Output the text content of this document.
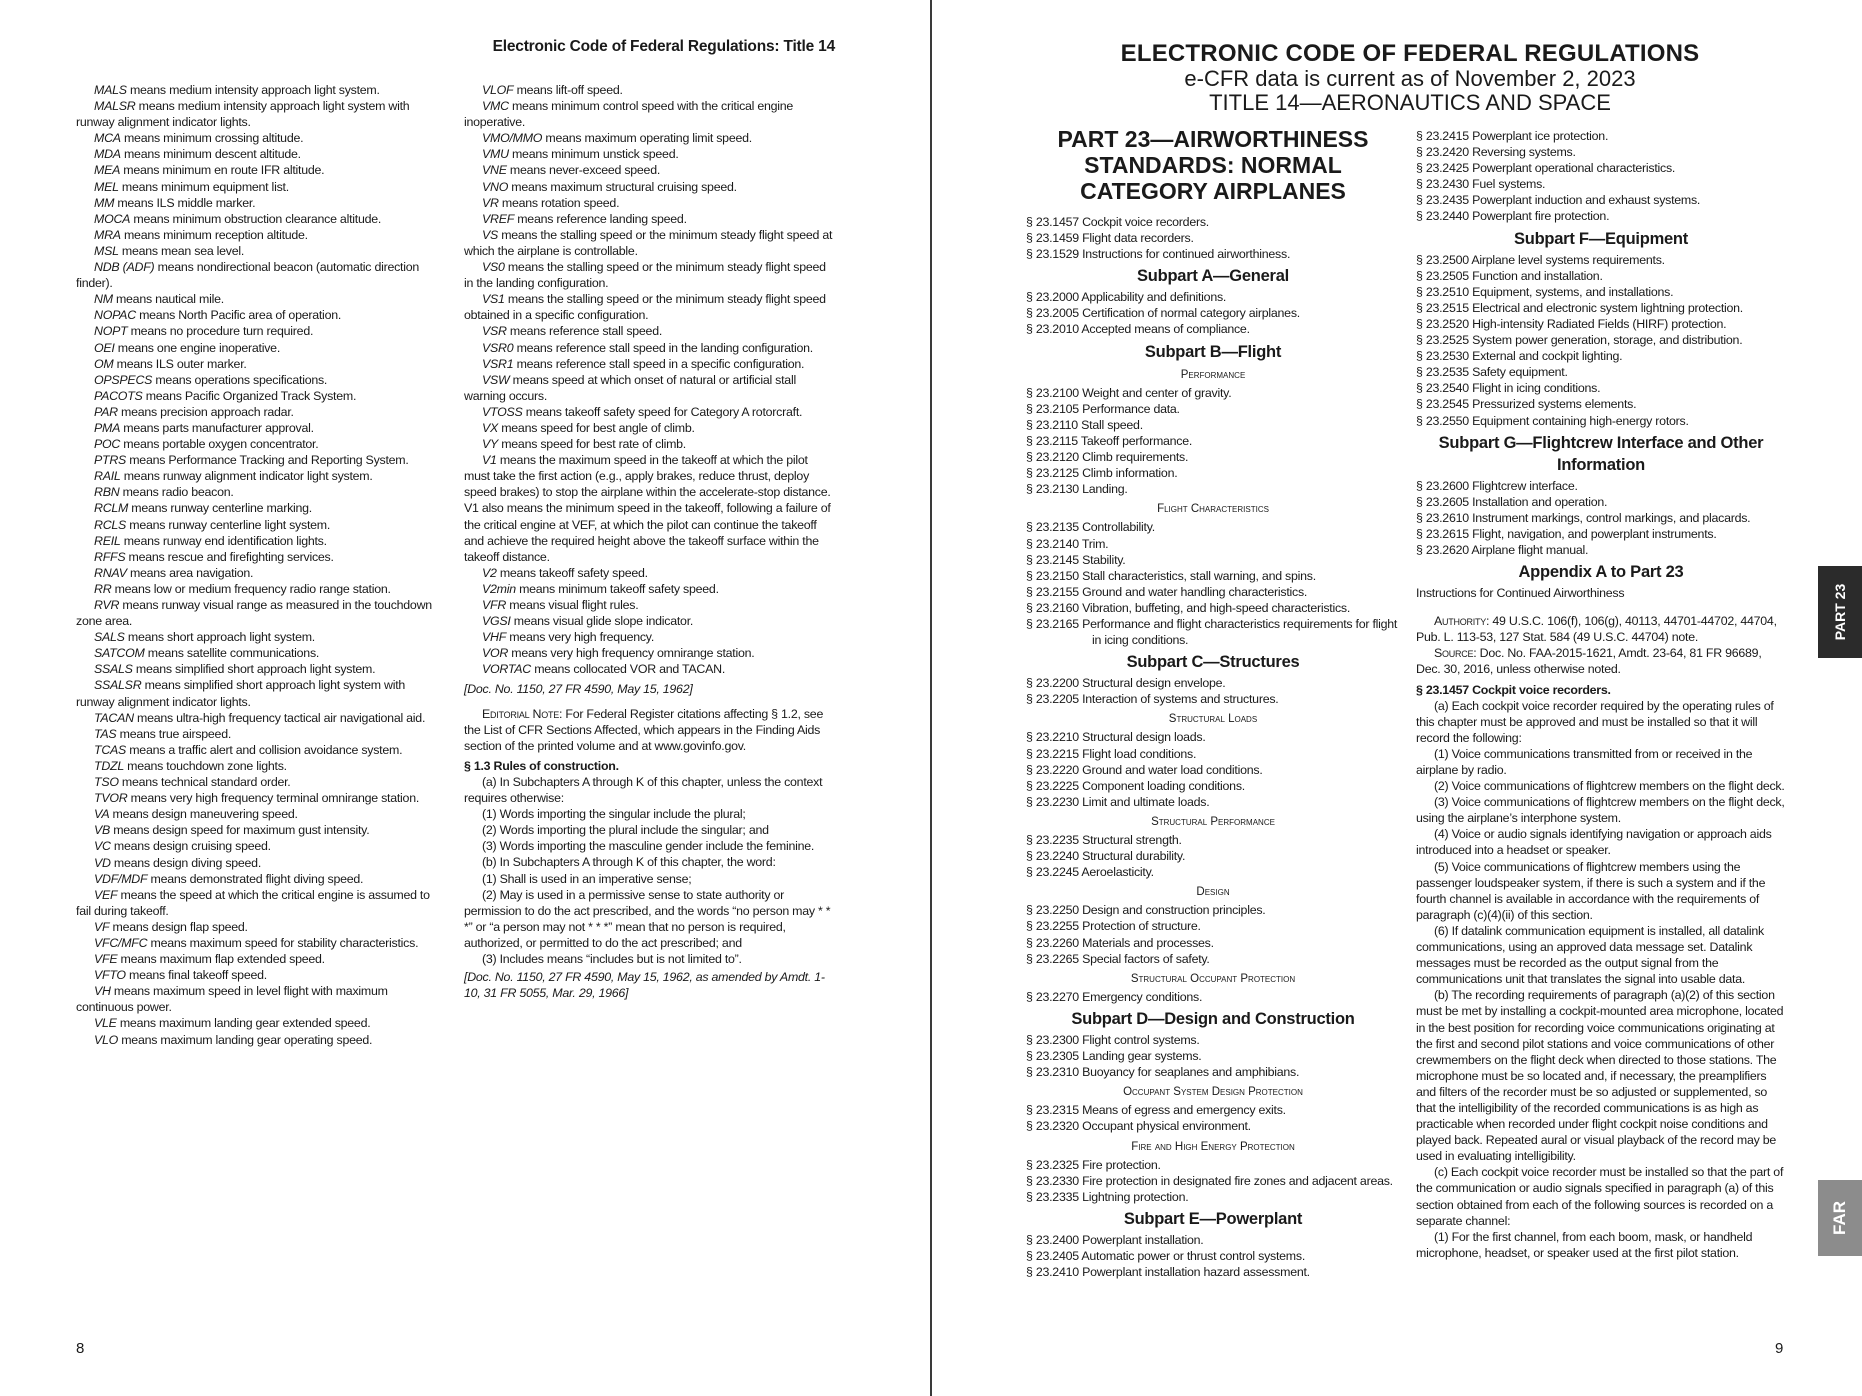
Electronic Code of Federal Regulations: Title 14

MALS means medium intensity approach light system.

MALSR means medium intensity approach light system with runway alignment indicator lights.

MCA means minimum crossing altitude.

MDA means minimum descent altitude.

MEA means minimum en route IFR altitude.

MEL means minimum equipment list.

MM means ILS middle marker.

MOCA means minimum obstruction clearance altitude.

MRA means minimum reception altitude.

MSL means mean sea level.

NDB (ADF) means nondirectional beacon (automatic direction finder).

NM means nautical mile.

NOPAC means North Pacific area of operation.

NOPT means no procedure turn required.

OEI means one engine inoperative.

OM means ILS outer marker.

OPSPECS means operations specifications.

PACOTS means Pacific Organized Track System.

PAR means precision approach radar.

PMA means parts manufacturer approval.

POC means portable oxygen concentrator.

PTRS means Performance Tracking and Reporting System.

RAIL means runway alignment indicator light system.

RBN means radio beacon.

RCLM means runway centerline marking.

RCLS means runway centerline light system.

REIL means runway end identification lights.

RFFS means rescue and firefighting services.

RNAV means area navigation.

RR means low or medium frequency radio range station.

RVR means runway visual range as measured in the touchdown zone area.

SALS means short approach light system.

SATCOM means satellite communications.

SSALS means simplified short approach light system.

SSALSR means simplified short approach light system with runway alignment indicator lights.

TACAN means ultra-high frequency tactical air navigational aid.

TAS means true airspeed.

TCAS means a traffic alert and collision avoidance system.

TDZL means touchdown zone lights.

TSO means technical standard order.

TVOR means very high frequency terminal omnirange station.

VA means design maneuvering speed.

VB means design speed for maximum gust intensity.

VC means design cruising speed.

VD means design diving speed.

VDF/MDF means demonstrated flight diving speed.

VEF means the speed at which the critical engine is assumed to fail during takeoff.

VF means design flap speed.

VFC/MFC means maximum speed for stability characteristics.

VFE means maximum flap extended speed.

VFTO means final takeoff speed.

VH means maximum speed in level flight with maximum continuous power.

VLE means maximum landing gear extended speed.

VLO means maximum landing gear operating speed.

VLOF means lift-off speed.

VMC means minimum control speed with the critical engine inoperative.

VMO/MMO means maximum operating limit speed.

VMU means minimum unstick speed.

VNE means never-exceed speed.

VNO means maximum structural cruising speed.

VR means rotation speed.

VREF means reference landing speed.

VS means the stalling speed or the minimum steady flight speed at which the airplane is controllable.

VS0 means the stalling speed or the minimum steady flight speed in the landing configuration.

VS1 means the stalling speed or the minimum steady flight speed obtained in a specific configuration.

VSR means reference stall speed.

VSR0 means reference stall speed in the landing configuration.

VSR1 means reference stall speed in a specific configuration.

VSW means speed at which onset of natural or artificial stall warning occurs.

VTOSS means takeoff safety speed for Category A rotorcraft.

VX means speed for best angle of climb.

VY means speed for best rate of climb.

V1 means the maximum speed in the takeoff at which the pilot must take the first action (e.g., apply brakes, reduce thrust, deploy speed brakes) to stop the airplane within the accelerate-stop distance. V1 also means the minimum speed in the takeoff, following a failure of the critical engine at VEF, at which the pilot can continue the takeoff and achieve the required height above the takeoff surface within the takeoff distance.

V2 means takeoff safety speed.

V2min means minimum takeoff safety speed.

VFR means visual flight rules.

VGSI means visual glide slope indicator.

VHF means very high frequency.

VOR means very high frequency omnirange station.

VORTAC means collocated VOR and TACAN.

[Doc. No. 1150, 27 FR 4590, May 15, 1962]

Editorial Note: For Federal Register citations affecting § 1.2, see the List of CFR Sections Affected, which appears in the Finding Aids section of the printed volume and at www.govinfo.gov.

§ 1.3 Rules of construction.

(a) In Subchapters A through K of this chapter, unless the context requires otherwise:

(1) Words importing the singular include the plural;

(2) Words importing the plural include the singular; and

(3) Words importing the masculine gender include the feminine.

(b) In Subchapters A through K of this chapter, the word:

(1) Shall is used in an imperative sense;

(2) May is used in a permissive sense to state authority or permission to do the act prescribed, and the words “no person may * * *” or “a person may not * * *” mean that no person is required, authorized, or permitted to do the act prescribed; and

(3) Includes means “includes but is not limited to”.

[Doc. No. 1150, 27 FR 4590, May 15, 1962, as amended by Amdt. 1-10, 31 FR 5055, Mar. 29, 1966]

8
ELECTRONIC CODE OF FEDERAL REGULATIONS
e-CFR data is current as of November 2, 2023
TITLE 14—AERONAUTICS AND SPACE

PART 23—AIRWORTHINESS STANDARDS: NORMAL CATEGORY AIRPLANES

§ 23.1457 Cockpit voice recorders.

§ 23.1459 Flight data recorders.

§ 23.1529 Instructions for continued airworthiness.

Subpart A—General

§ 23.2000 Applicability and definitions.

§ 23.2005 Certification of normal category airplanes.

§ 23.2010 Accepted means of compliance.

Subpart B—Flight

Performance

§ 23.2100 Weight and center of gravity.

§ 23.2105 Performance data.

§ 23.2110 Stall speed.

§ 23.2115 Takeoff performance.

§ 23.2120 Climb requirements.

§ 23.2125 Climb information.

§ 23.2130 Landing.

Flight Characteristics

§ 23.2135 Controllability.

§ 23.2140 Trim.

§ 23.2145 Stability.

§ 23.2150 Stall characteristics, stall warning, and spins.

§ 23.2155 Ground and water handling characteristics.

§ 23.2160 Vibration, buffeting, and high-speed characteristics.

§ 23.2165 Performance and flight characteristics requirements for flight in icing conditions.

Subpart C—Structures

§ 23.2200 Structural design envelope.

§ 23.2205 Interaction of systems and structures.

Structural Loads

§ 23.2210 Structural design loads.

§ 23.2215 Flight load conditions.

§ 23.2220 Ground and water load conditions.

§ 23.2225 Component loading conditions.

§ 23.2230 Limit and ultimate loads.

Structural Performance

§ 23.2235 Structural strength.

§ 23.2240 Structural durability.

§ 23.2245 Aeroelasticity.

Design

§ 23.2250 Design and construction principles.

§ 23.2255 Protection of structure.

§ 23.2260 Materials and processes.

§ 23.2265 Special factors of safety.

Structural Occupant Protection

§ 23.2270 Emergency conditions.

Subpart D—Design and Construction

§ 23.2300 Flight control systems.

§ 23.2305 Landing gear systems.

§ 23.2310 Buoyancy for seaplanes and amphibians.

Occupant System Design Protection

§ 23.2315 Means of egress and emergency exits.

§ 23.2320 Occupant physical environment.

Fire and High Energy Protection

§ 23.2325 Fire protection.

§ 23.2330 Fire protection in designated fire zones and adjacent areas.

§ 23.2335 Lightning protection.

Subpart E—Powerplant

§ 23.2400 Powerplant installation.

§ 23.2405 Automatic power or thrust control systems.

§ 23.2410 Powerplant installation hazard assessment.

§ 23.2415 Powerplant ice protection.

§ 23.2420 Reversing systems.

§ 23.2425 Powerplant operational characteristics.

§ 23.2430 Fuel systems.

§ 23.2435 Powerplant induction and exhaust systems.

§ 23.2440 Powerplant fire protection.

Subpart F—Equipment

§ 23.2500 Airplane level systems requirements.

§ 23.2505 Function and installation.

§ 23.2510 Equipment, systems, and installations.

§ 23.2515 Electrical and electronic system lightning protection.

§ 23.2520 High-intensity Radiated Fields (HIRF) protection.

§ 23.2525 System power generation, storage, and distribution.

§ 23.2530 External and cockpit lighting.

§ 23.2535 Safety equipment.

§ 23.2540 Flight in icing conditions.

§ 23.2545 Pressurized systems elements.

§ 23.2550 Equipment containing high-energy rotors.

Subpart G—Flightcrew Interface and Other Information

§ 23.2600 Flightcrew interface.

§ 23.2605 Installation and operation.

§ 23.2610 Instrument markings, control markings, and placards.

§ 23.2615 Flight, navigation, and powerplant instruments.

§ 23.2620 Airplane flight manual.

Appendix A to Part 23

Instructions for Continued Airworthiness

Authority: 49 U.S.C. 106(f), 106(g), 40113, 44701-44702, 44704, Pub. L. 113-53, 127 Stat. 584 (49 U.S.C. 44704) note.

Source: Doc. No. FAA-2015-1621, Amdt. 23-64, 81 FR 96689, Dec. 30, 2016, unless otherwise noted.

§ 23.1457 Cockpit voice recorders.

(a) Each cockpit voice recorder required by the operating rules of this chapter must be approved and must be installed so that it will record the following:

(1) Voice communications transmitted from or received in the airplane by radio.

(2) Voice communications of flightcrew members on the flight deck.

(3) Voice communications of flightcrew members on the flight deck, using the airplane’s interphone system.

(4) Voice or audio signals identifying navigation or approach aids introduced into a headset or speaker.

(5) Voice communications of flightcrew members using the passenger loudspeaker system, if there is such a system and if the fourth channel is available in accordance with the requirements of paragraph (c)(4)(ii) of this section.

(6) If datalink communication equipment is installed, all datalink communications, using an approved data message set. Datalink messages must be recorded as the output signal from the communications unit that translates the signal into usable data.

(b) The recording requirements of paragraph (a)(2) of this section must be met by installing a cockpit-mounted area microphone, located in the best position for recording voice communications originating at the first and second pilot stations and voice communications of other crewmembers on the flight deck when directed to those stations. The microphone must be so located and, if necessary, the preamplifiers and filters of the recorder must be so adjusted or supplemented, so that the intelligibility of the recorded communications is as high as practicable when recorded under flight cockpit noise conditions and played back. Repeated aural or visual playback of the record may be used in evaluating intelligibility.

(c) Each cockpit voice recorder must be installed so that the part of the communication or audio signals specified in paragraph (a) of this section obtained from each of the following sources is recorded on a separate channel:

(1) For the first channel, from each boom, mask, or handheld microphone, headset, or speaker used at the first pilot station.

9
PART 23
FAR
